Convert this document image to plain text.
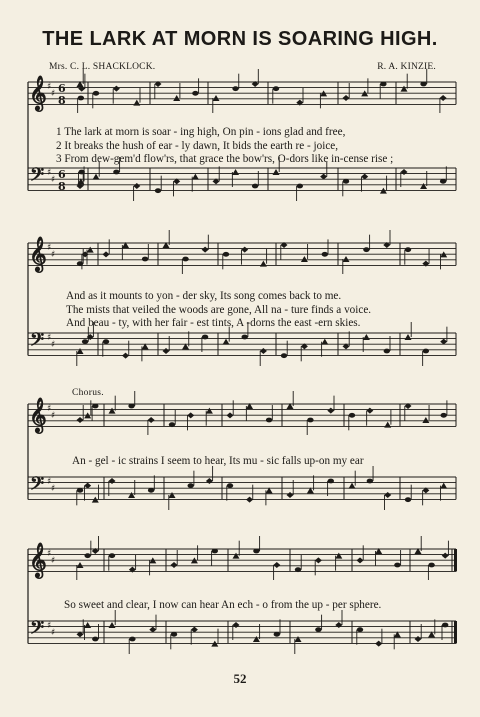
THE LARK AT MORN IS SOARING HIGH.
Mrs. C. L. SHACKLOCK.	R. A. KINZIE.
𝄞 ♯
♯ 6
8
𝄢 ♯
♯ 6
8
𝄞 ♯
♯
𝄢 ♯
♯
𝄞 ♯
♯
𝄢 ♯
♯
𝄞 ♯
♯
𝄢 ♯
♯
1 The lark at morn is soar - ing high, On pin - ions glad and free,
2 It breaks the hush of ear - ly dawn, It bids the earth re - joice,
3 From dew-gem'd flow'rs, that grace the bow'rs, O-dors like in-cense rise ;
And as it mounts to yon - der sky, Its song comes back to me.
The mists that veiled the woods are gone, All na - ture finds a voice.
And beau - ty, with her fair - est tints, A -dorns the east -ern skies.
Chorus.
An - gel - ic strains I seem to hear, Its mu - sic falls up-on my ear
So sweet and clear, I now can hear An ech - o from the up - per sphere.
52
